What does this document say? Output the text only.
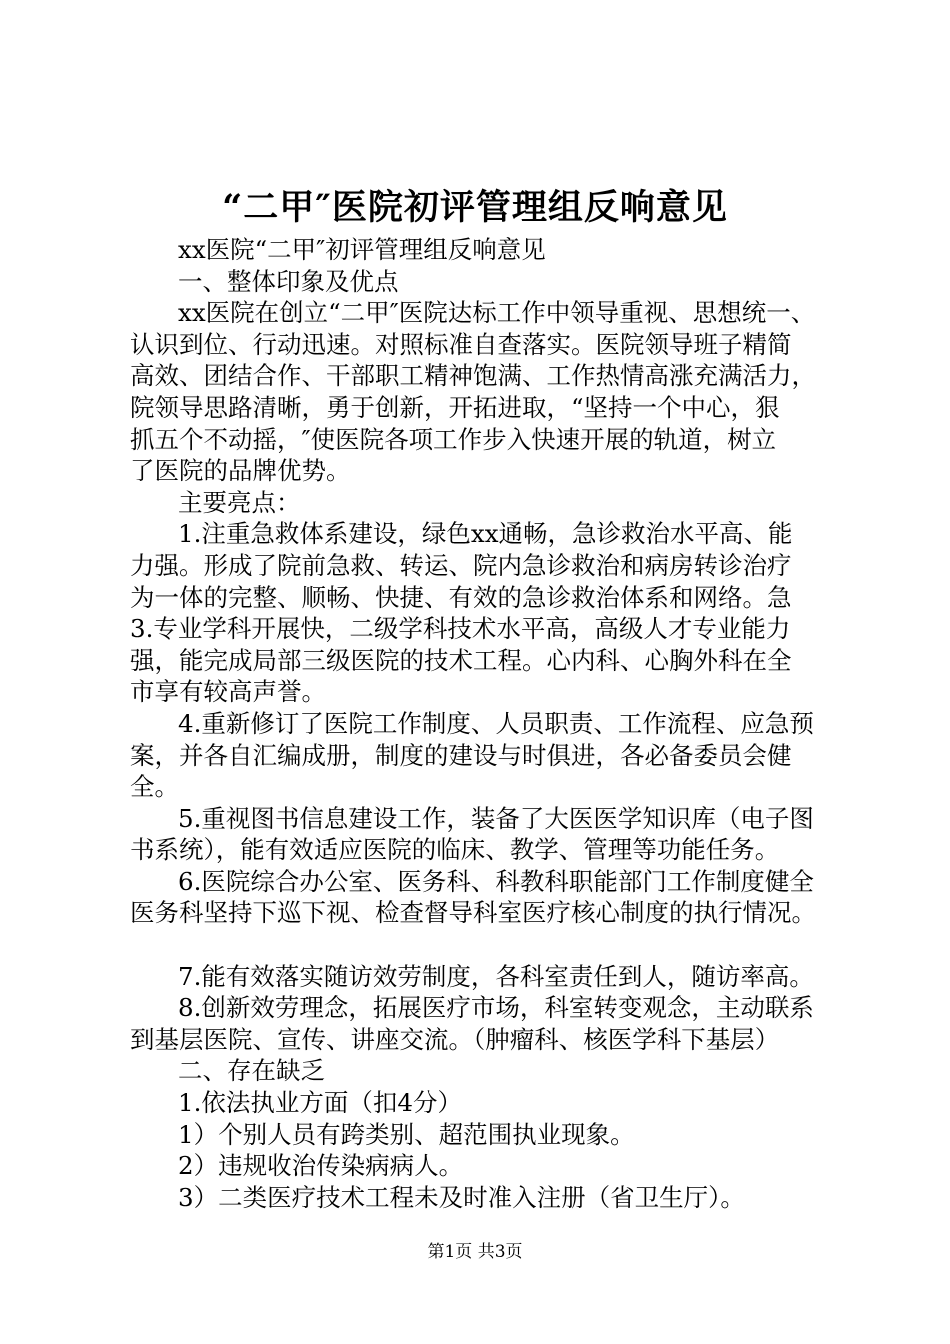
“二甲″医院初评管理组反响意见

xx医院“二甲″初评管理组反响意见

一、整体印象及优点

xx医院在创立“二甲″医院达标工作中领导重视、思想统一、

认识到位、行动迅速。对照标准自查落实。医院领导班子精简

高效、团结合作、干部职工精神饱满、工作热情高涨充满活力，

院领导思路清晰，勇于创新，开拓进取，“坚持一个中心，狠

抓五个不动摇，″使医院各项工作步入快速开展的轨道，树立

了医院的品牌优势。

主要亮点：

1.注重急救体系建设，绿色xx通畅，急诊救治水平高、能

力强。形成了院前急救、转运、院内急诊救治和病房转诊治疗

为一体的完整、顺畅、快捷、有效的急诊救治体系和网络。急

3.专业学科开展快，二级学科技术水平高，高级人才专业能力

强，能完成局部三级医院的技术工程。心内科、心胸外科在全

市享有较高声誉。

4.重新修订了医院工作制度、人员职责、工作流程、应急预

案，并各自汇编成册，制度的建设与时俱进，各必备委员会健

全。

5.重视图书信息建设工作，装备了大医医学知识库（电子图

书系统），能有效适应医院的临床、教学、管理等功能任务。

6.医院综合办公室、医务科、科教科职能部门工作制度健全

医务科坚持下巡下视、检查督导科室医疗核心制度的执行情况。

7.能有效落实随访效劳制度，各科室责任到人，随访率高。

8.创新效劳理念，拓展医疗市场，科室转变观念，主动联系

到基层医院、宣传、讲座交流。（肿瘤科、核医学科下基层）

二、存在缺乏

1.依法执业方面（扣4分）

1）个别人员有跨类别、超范围执业现象。

2）违规收治传染病病人。

3）二类医疗技术工程未及时准入注册（省卫生厅）。

第1页 共3页
